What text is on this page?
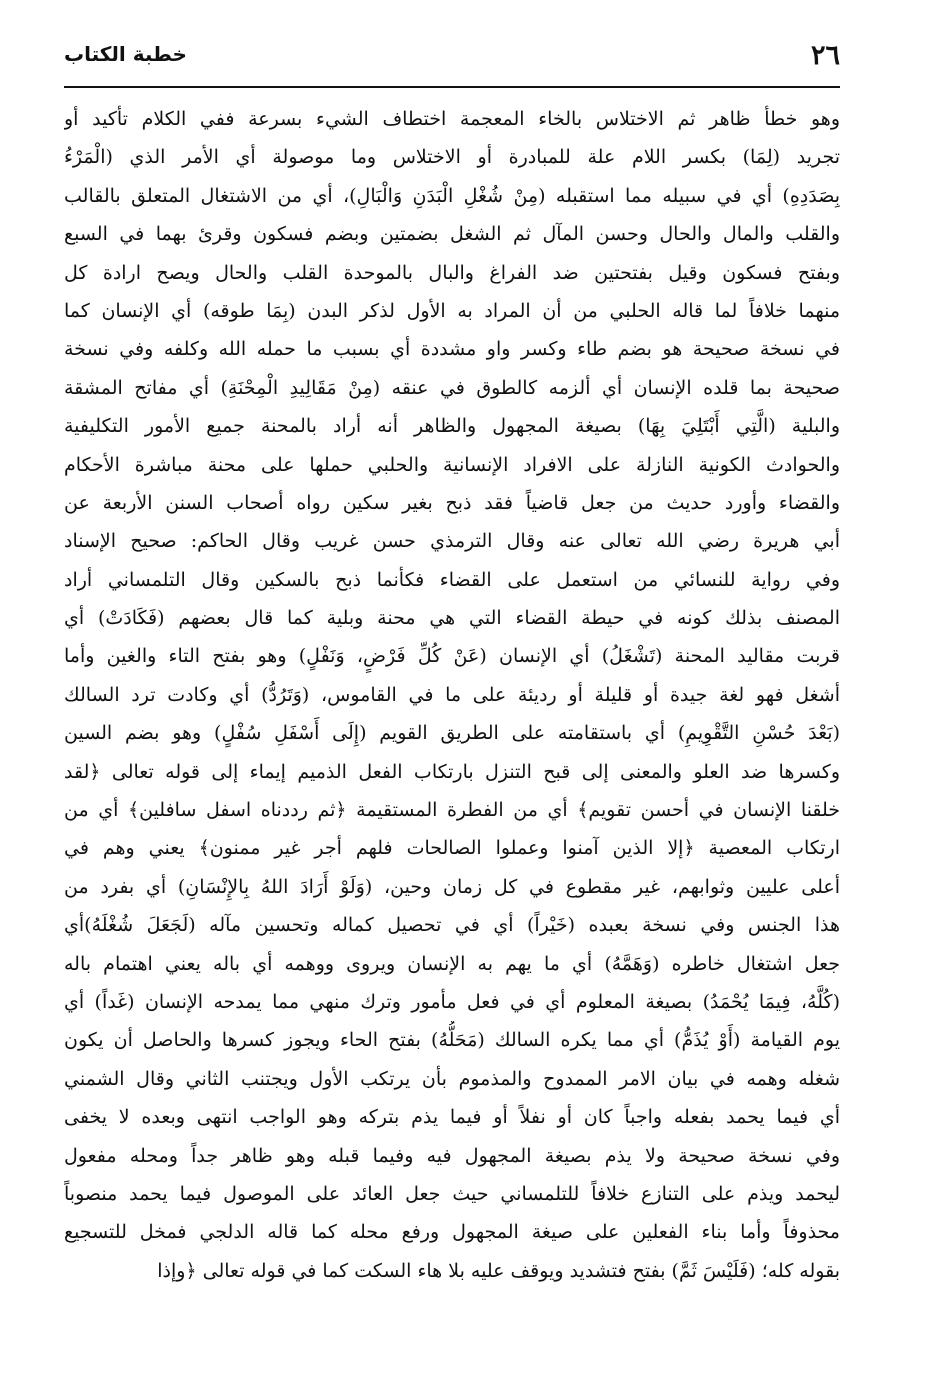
٢٦
خطبة الكتاب
وهو خطأ ظاهر ثم الاختلاس بالخاء المعجمة اختطاف الشيء بسرعة ففي الكلام تأكيد أو
تجريد (لِمَا) بكسر اللام علة للمبادرة أو الاختلاس وما موصولة أي الأمر الذي (الْمَرْءُ
بِصَدَدِهِ) أي في سبيله مما استقبله (مِنْ شُغْلِ الْبَدَنِ وَالْبَالِ)، أي من الاشتغال المتعلق بالقالب
والقلب والمال والحال وحسن المآل ثم الشغل بضمتين وبضم فسكون وقرئ بهما في السبع
وبفتح فسكون وقيل بفتحتين ضد الفراغ والبال بالموحدة القلب والحال ويصح ارادة كل
منهما خلافاً لما قاله الحلبي من أن المراد به الأول لذكر البدن (بِمَا طوقه) أي الإنسان كما
في نسخة صحيحة هو بضم طاء وكسر واو مشددة أي بسبب ما حمله الله وكلفه وفي نسخة
صحيحة بما قلده الإنسان أي ألزمه كالطوق في عنقه (مِنْ مَقَالِيدِ الْمِحْنَةِ) أي مفاتح المشقة
والبلية (الَّتِي أَبْتَلِيَ بِهَا) بصيغة المجهول والظاهر أنه أراد بالمحنة جميع الأمور التكليفية
والحوادث الكونية النازلة على الافراد الإنسانية والحلبي حملها على محنة مباشرة الأحكام
والقضاء وأورد حديث من جعل قاضياً فقد ذبح بغير سكين رواه أصحاب السنن الأربعة عن
أبي هريرة رضي الله تعالى عنه وقال الترمذي حسن غريب وقال الحاكم: صحيح الإسناد
وفي رواية للنسائي من استعمل على القضاء فكأنما ذبح بالسكين وقال التلمساني أراد
المصنف بذلك كونه في حيطة القضاء التي هي محنة وبلية كما قال بعضهم (فَكَادَتْ) أي
قربت مقاليد المحنة (تَشْغَلُ) أي الإنسان (عَنْ كُلِّ فَرْضٍ، وَنَفْلٍ) وهو بفتح التاء والغين وأما
أشغل فهو لغة جيدة أو قليلة أو رديئة على ما في القاموس، (وَتَرُدُّ) أي وكادت ترد السالك
(بَعْدَ حُسْنِ التَّقْوِيمِ) أي باستقامته على الطريق القويم (إِلَى أَسْفَلِ سُفْلٍ) وهو بضم السين
وكسرها ضد العلو والمعنى إلى قبح التنزل بارتكاب الفعل الذميم إيماء إلى قوله تعالى ﴿لقد
خلقنا الإنسان في أحسن تقويم﴾ أي من الفطرة المستقيمة ﴿ثم رددناه اسفل سافلين﴾ أي من
ارتكاب المعصية ﴿إلا الذين آمنوا وعملوا الصالحات فلهم أجر غير ممنون﴾ يعني وهم في
أعلى عليين وثوابهم، غير مقطوع في كل زمان وحين، (وَلَوْ أَرَادَ اللهُ بِالإِنْسَانِ) أي بفرد من
هذا الجنس وفي نسخة بعبده (خَيْراً) أي في تحصيل كماله وتحسين مآله (لَجَعَلَ شُغْلَهُ)أي
جعل اشتغال خاطره (وَهَمَّهُ) أي ما يهم به الإنسان ويروى ووهمه أي باله يعني اهتمام باله
(كُلَّهُ، فِيمَا يُحْمَدُ) بصيغة المعلوم أي في فعل مأمور وترك منهي مما يمدحه الإنسان (غَداً) أي
يوم القيامة (أَوْ يُذَمُّ) أي مما يكره السالك (مَحَلُّهُ) بفتح الحاء ويجوز كسرها والحاصل أن يكون
شغله وهمه في بيان الامر الممدوح والمذموم بأن يرتكب الأول ويجتنب الثاني وقال الشمني
أي فيما يحمد بفعله واجباً كان أو نفلاً أو فيما يذم بتركه وهو الواجب انتهى وبعده لا يخفى
وفي نسخة صحيحة ولا يذم بصيغة المجهول فيه وفيما قبله وهو ظاهر جداً ومحله مفعول
ليحمد ويذم على التنازع خلافاً للتلمساني حيث جعل العائد على الموصول فيما يحمد منصوباً
محذوفاً وأما بناء الفعلين على صيغة المجهول ورفع محله كما قاله الدلجي فمخل للتسجيع
بقوله كله؛ (فَلَيْسَ ثَمَّ) بفتح فتشديد ويوقف عليه بلا هاء السكت كما في قوله تعالى ﴿وإذا
